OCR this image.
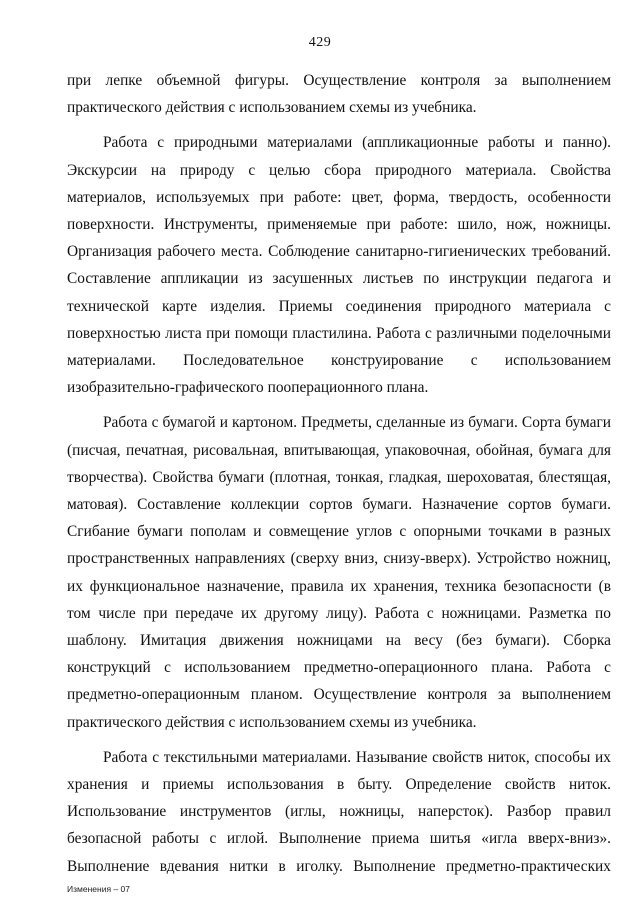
429

при лепке объемной фигуры. Осуществление контроля за выполнением практического действия с использованием схемы из учебника.

Работа с природными материалами (аппликационные работы и панно). Экскурсии на природу с целью сбора природного материала. Свойства материалов, используемых при работе: цвет, форма, твердость, особенности поверхности. Инструменты, применяемые при работе: шило, нож, ножницы. Организация рабочего места. Соблюдение санитарно-гигиенических требований. Составление аппликации из засушенных листьев по инструкции педагога и технической карте изделия. Приемы соединения природного материала с поверхностью листа при помощи пластилина. Работа с различными поделочными материалами. Последовательное конструирование с использованием изобразительно-графического пооперационного плана.

Работа с бумагой и картоном. Предметы, сделанные из бумаги. Сорта бумаги (писчая, печатная, рисовальная, впитывающая, упаковочная, обойная, бумага для творчества). Свойства бумаги (плотная, тонкая, гладкая, шероховатая, блестящая, матовая). Составление коллекции сортов бумаги. Назначение сортов бумаги. Сгибание бумаги пополам и совмещение углов с опорными точками в разных пространственных направлениях (сверху вниз, снизу-вверх). Устройство ножниц, их функциональное назначение, правила их хранения, техника безопасности (в том числе при передаче их другому лицу). Работа с ножницами. Разметка по шаблону. Имитация движения ножницами на весу (без бумаги). Сборка конструкций с использованием предметно-операционного плана. Работа с предметно-операционным планом. Осуществление контроля за выполнением практического действия с использованием схемы из учебника.

Работа с текстильными материалами. Называние свойств ниток, способы их хранения и приемы использования в быту. Определение свойств ниток. Использование инструментов (иглы, ножницы, наперсток). Разбор правил безопасной работы с иглой. Выполнение приема шитья «игла вверх-вниз». Выполнение вдевания нитки в иголку. Выполнение предметно-практических

Изменения – 07
